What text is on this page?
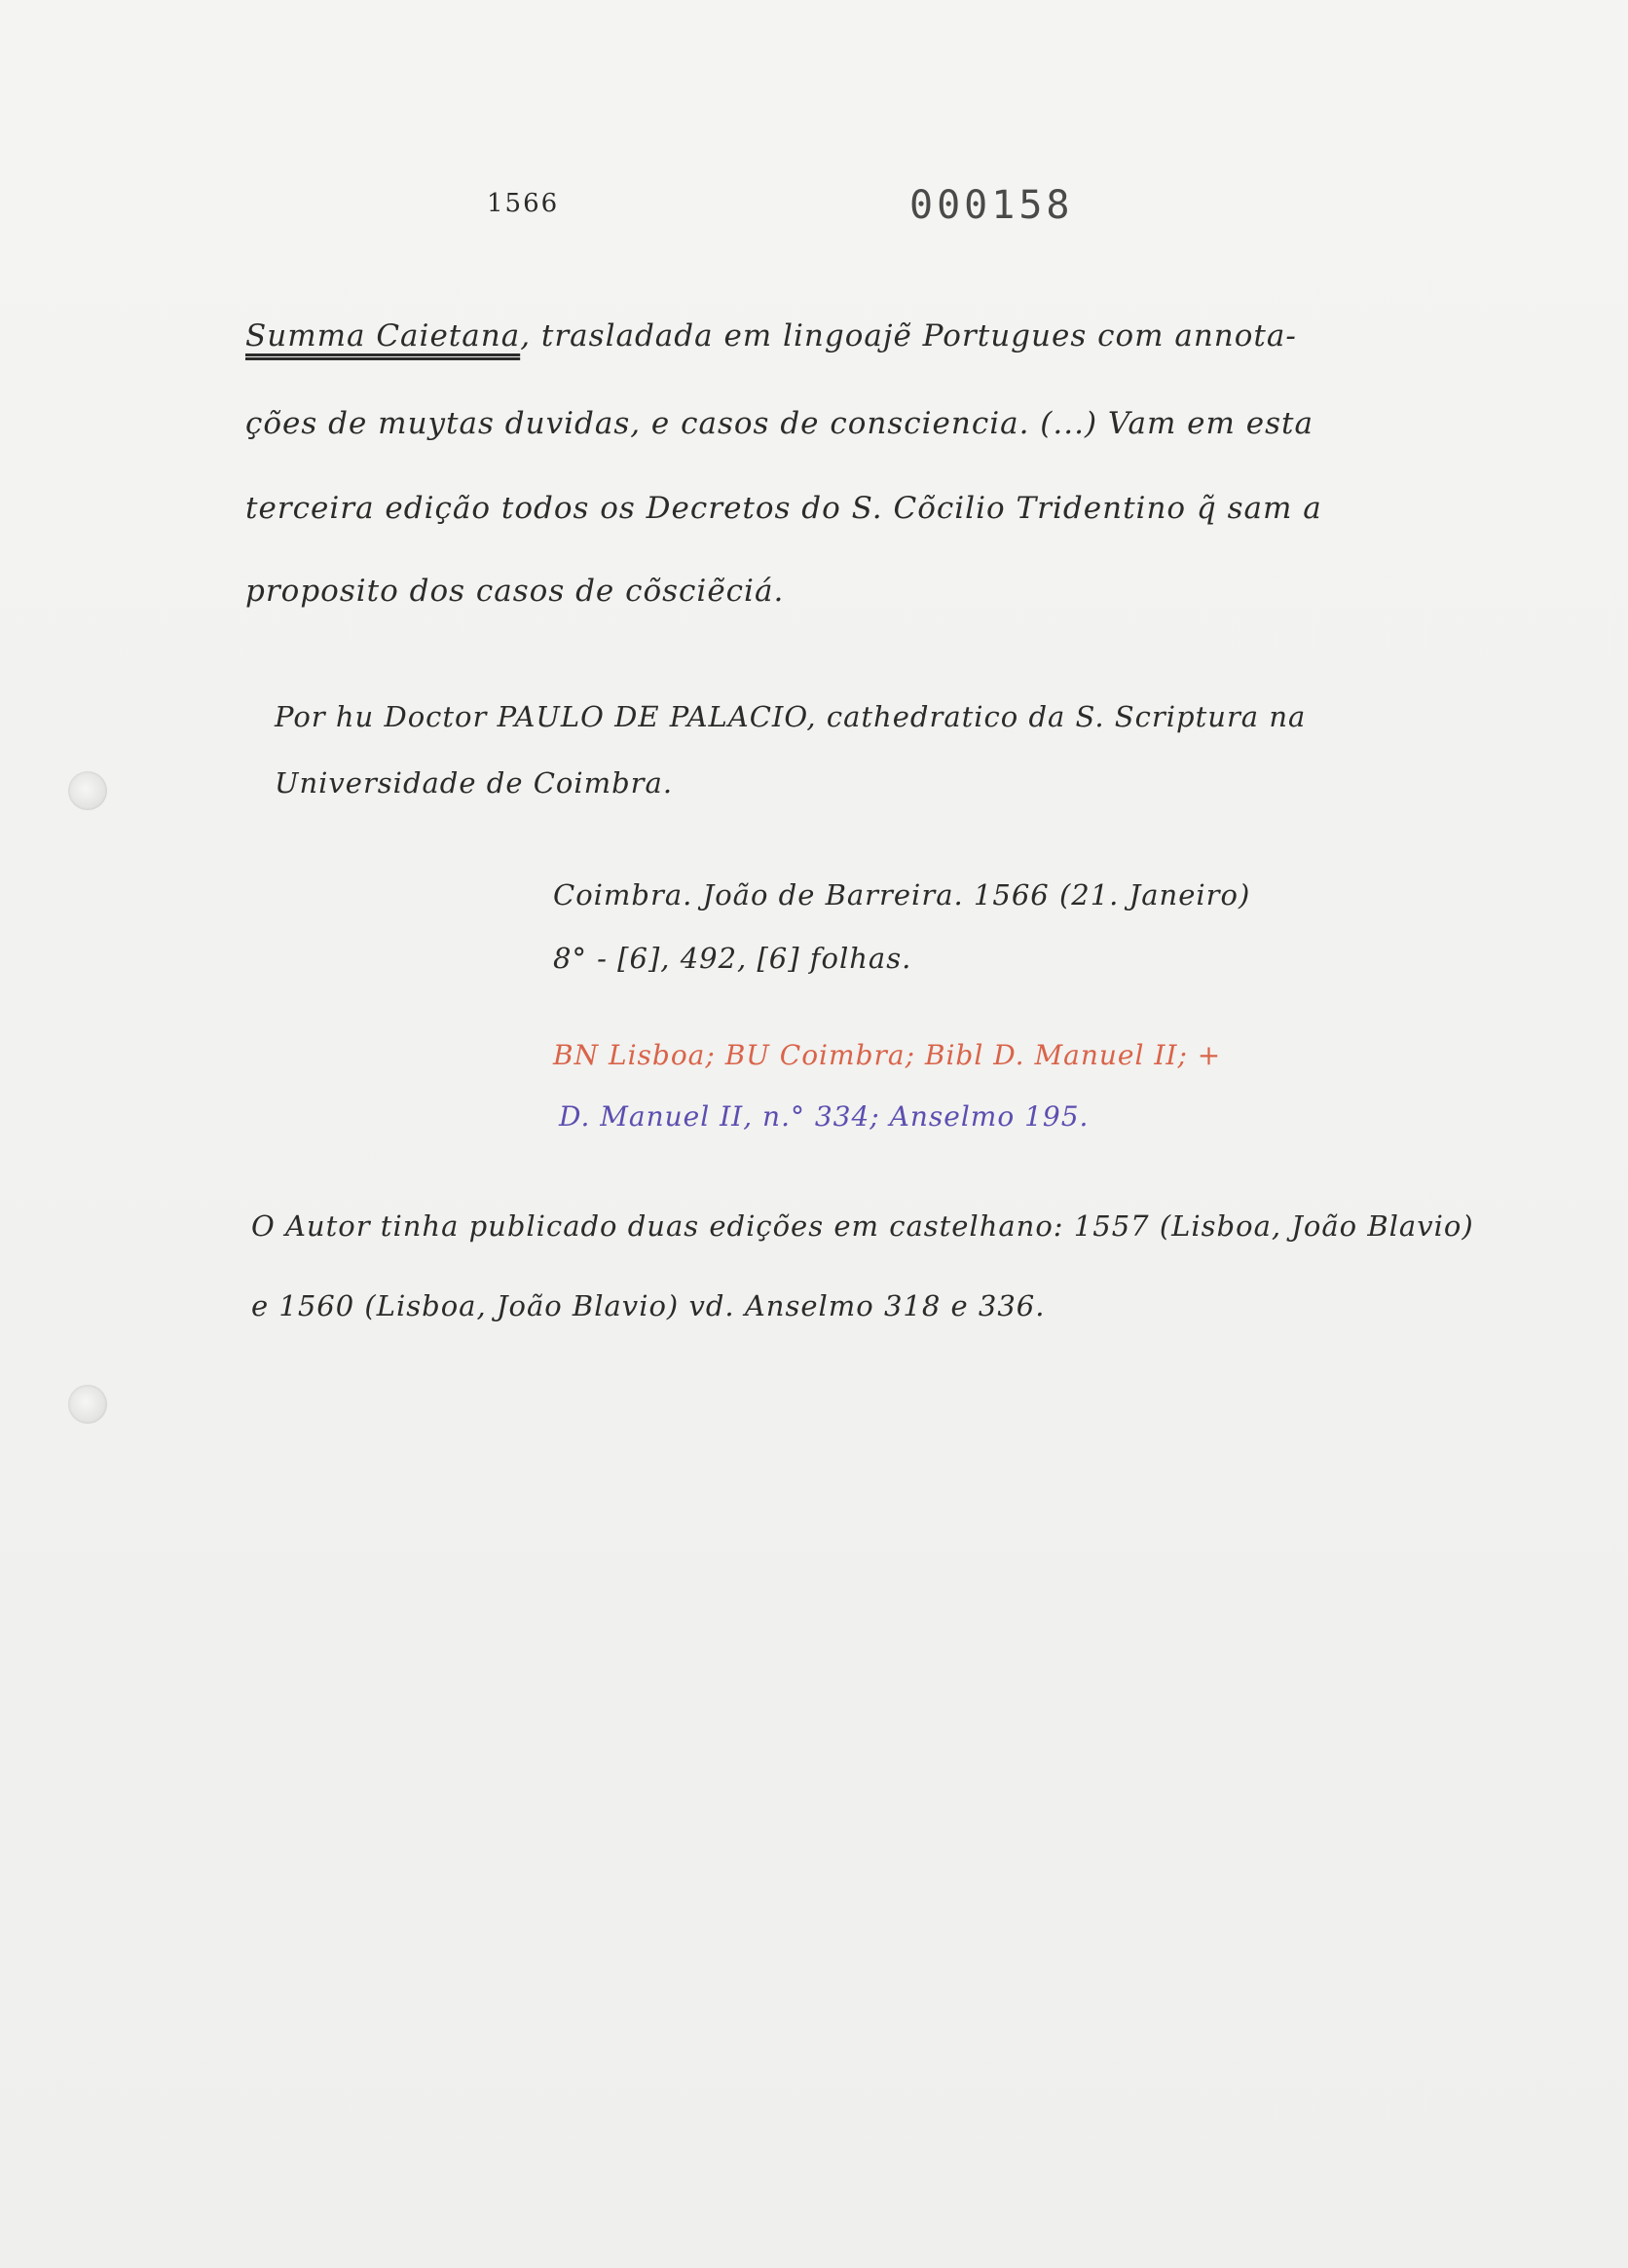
1566	000158
Summa Caietana, trasladada em lingoajẽ Portugues com annota-
ções de muytas duvidas, e casos de consciencia. (...) Vam em esta
terceira edição todos os Decretos do S. Cõcilio Tridentino q̃ sam a
proposito dos casos de cõsciẽciá.
Por hu Doctor PAULO DE PALACIO, cathedratico da S. Scriptura na
Universidade de Coimbra.
Coimbra. João de Barreira. 1566 (21. Janeiro)
8° - [6], 492, [6] folhas.
BN Lisboa; BU Coimbra; Bibl D. Manuel II; +
D. Manuel II, n.° 334; Anselmo 195.
O Autor tinha publicado duas edições em castelhano: 1557 (Lisboa, João Blavio)
e 1560 (Lisboa, João Blavio) vd. Anselmo 318 e 336.
